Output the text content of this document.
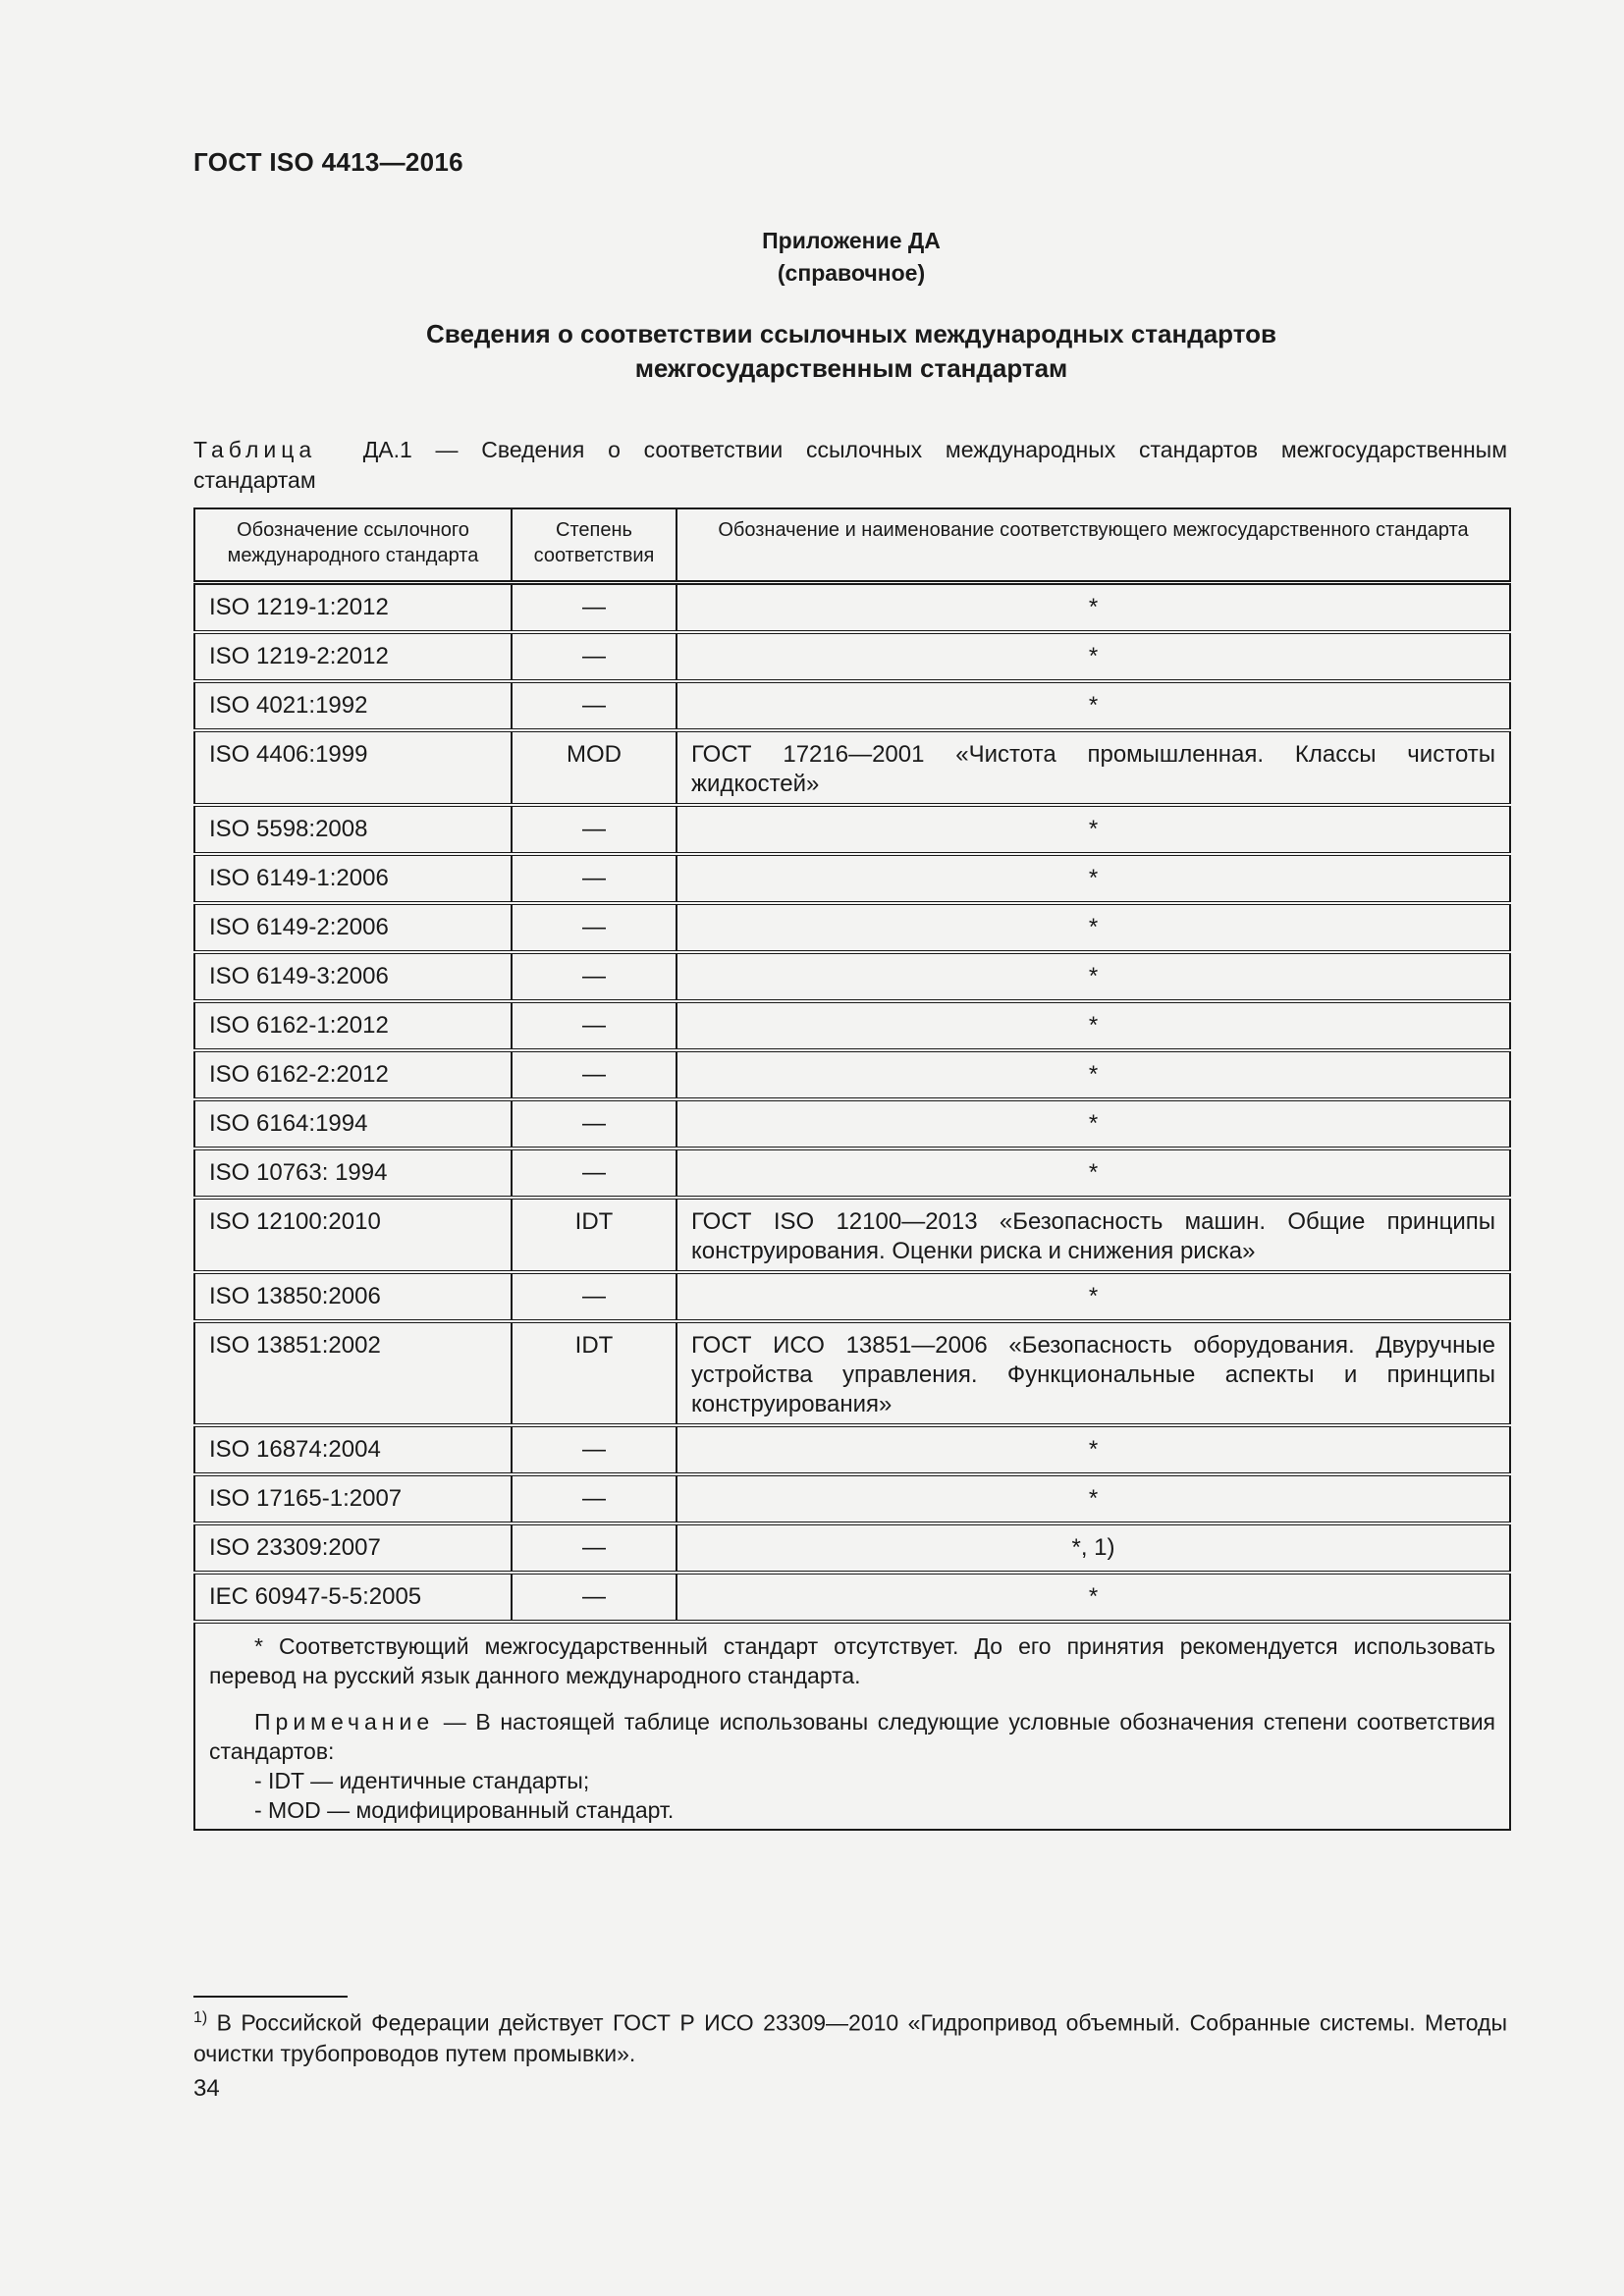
ГОСТ ISO 4413—2016
Приложение ДА
(справочное)
Сведения о соответствии ссылочных международных стандартов
межгосударственным стандартам
Таблица ДА.1 — Сведения о соответствии ссылочных международных стандартов межгосударственным
стандартам
Обозначение ссылочного международного стандарта	Степень соответствия	Обозначение и наименование соответствующего межгосударственного стандарта
ISO 1219-1:2012	—	*
ISO 1219-2:2012	—	*
ISO 4021:1992	—	*
ISO 4406:1999	MOD	ГОСТ 17216—2001 «Чистота промышленная. Классы чистоты жидкостей»
ISO 5598:2008	—	*
ISO 6149-1:2006	—	*
ISO 6149-2:2006	—	*
ISO 6149-3:2006	—	*
ISO 6162-1:2012	—	*
ISO 6162-2:2012	—	*
ISO 6164:1994	—	*
ISO 10763: 1994	—	*
ISO 12100:2010	IDT	ГОСТ ISO 12100—2013 «Безопасность машин. Общие принципы конструирования. Оценки риска и снижения риска»
ISO 13850:2006	—	*
ISO 13851:2002	IDT	ГОСТ ИСО 13851—2006 «Безопасность оборудования. Двуручные устройства управления. Функциональные аспекты и принципы конструирования»
ISO 16874:2004	—	*
ISO 17165-1:2007	—	*
ISO 23309:2007	—	*, 1)
IEC 60947-5-5:2005	—	*

* Соответствующий межгосударственный стандарт отсутствует. До его принятия рекомендуется использовать перевод на русский язык данного международного стандарта.
Примечание — В настоящей таблице использованы следующие условные обозначения степени соответствия стандартов:
- IDT — идентичные стандарты;
- MOD — модифицированный стандарт.		
$^{1)}$ В Российской Федерации действует ГОСТ Р ИСО 23309—2010 «Гидропривод объемный. Собранные системы. Методы очистки трубопроводов путем промывки».
34
